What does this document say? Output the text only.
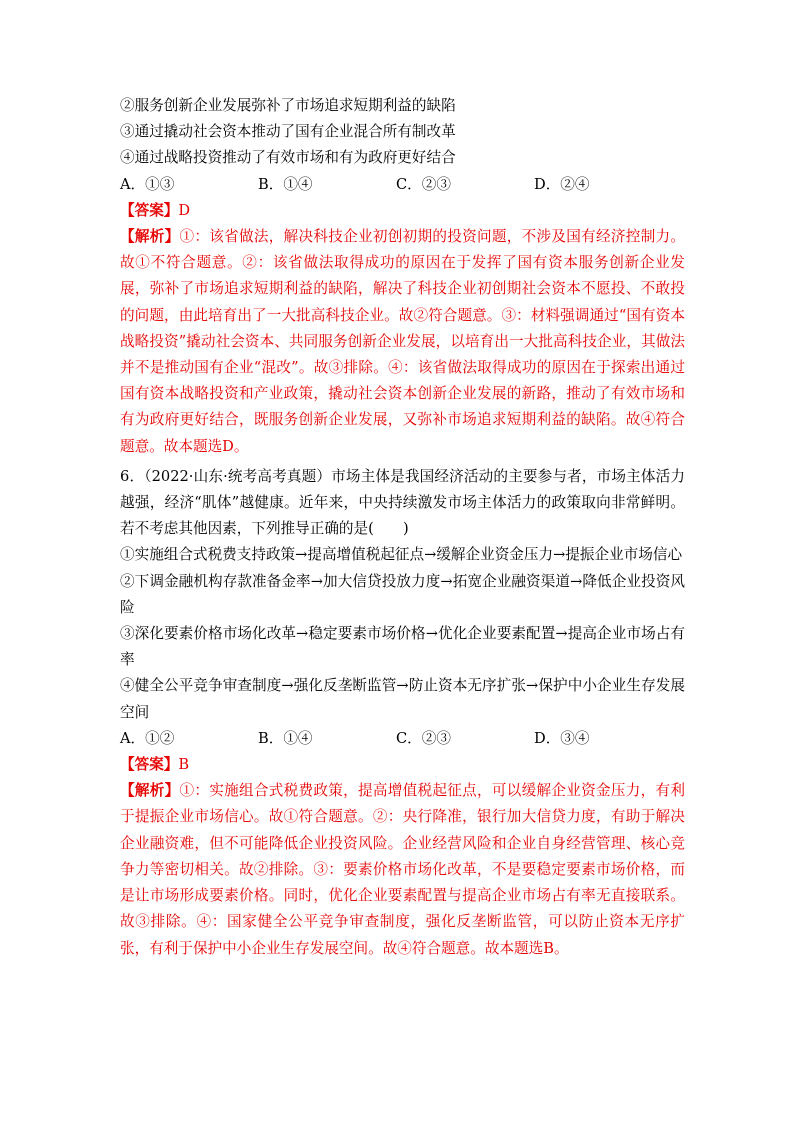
②服务创新企业发展弥补了市场追求短期利益的缺陷
③通过撬动社会资本推动了国有企业混合所有制改革
④通过战略投资推动了有效市场和有为政府更好结合
A．①③	B．①④	C．②③	D．②④
【答案】D
【解析】①：该省做法，解决科技企业初创初期的投资问题，不涉及国有经济控制力。故①不符合题意。②：该省做法取得成功的原因在于发挥了国有资本服务创新企业发展，弥补了市场追求短期利益的缺陷，解决了科技企业初创期社会资本不愿投、不敢投的问题，由此培育出了一大批高科技企业。故②符合题意。③：材料强调通过“国有资本战略投资”撬动社会资本、共同服务创新企业发展，以培育出一大批高科技企业，其做法并不是推动国有企业“混改”。故③排除。④：该省做法取得成功的原因在于探索出通过国有资本战略投资和产业政策，撬动社会资本创新企业发展的新路，推动了有效市场和有为政府更好结合，既服务创新企业发展，又弥补市场追求短期利益的缺陷。故④符合题意。故本题选D。
6．（2022·山东·统考高考真题）市场主体是我国经济活动的主要参与者，市场主体活力越强，经济“肌体”越健康。近年来，中央持续激发市场主体活力的政策取向非常鲜明。若不考虑其他因素，下列推导正确的是(　　)
①实施组合式税费支持政策→提高增值税起征点→缓解企业资金压力→提振企业市场信心
②下调金融机构存款准备金率→加大信贷投放力度→拓宽企业融资渠道→降低企业投资风险
③深化要素价格市场化改革→稳定要素市场价格→优化企业要素配置→提高企业市场占有率
④健全公平竞争审查制度→强化反垄断监管→防止资本无序扩张→保护中小企业生存发展空间
A．①②	B．①④	C．②③	D．③④
【答案】B
【解析】①：实施组合式税费政策，提高增值税起征点，可以缓解企业资金压力，有利于提振企业市场信心。故①符合题意。②：央行降准，银行加大信贷力度，有助于解决企业融资难，但不可能降低企业投资风险。企业经营风险和企业自身经营管理、核心竞争力等密切相关。故②排除。③：要素价格市场化改革，不是要稳定要素市场价格，而是让市场形成要素价格。同时，优化企业要素配置与提高企业市场占有率无直接联系。故③排除。④：国家健全公平竞争审查制度，强化反垄断监管，可以防止资本无序扩张，有利于保护中小企业生存发展空间。故④符合题意。故本题选B。
